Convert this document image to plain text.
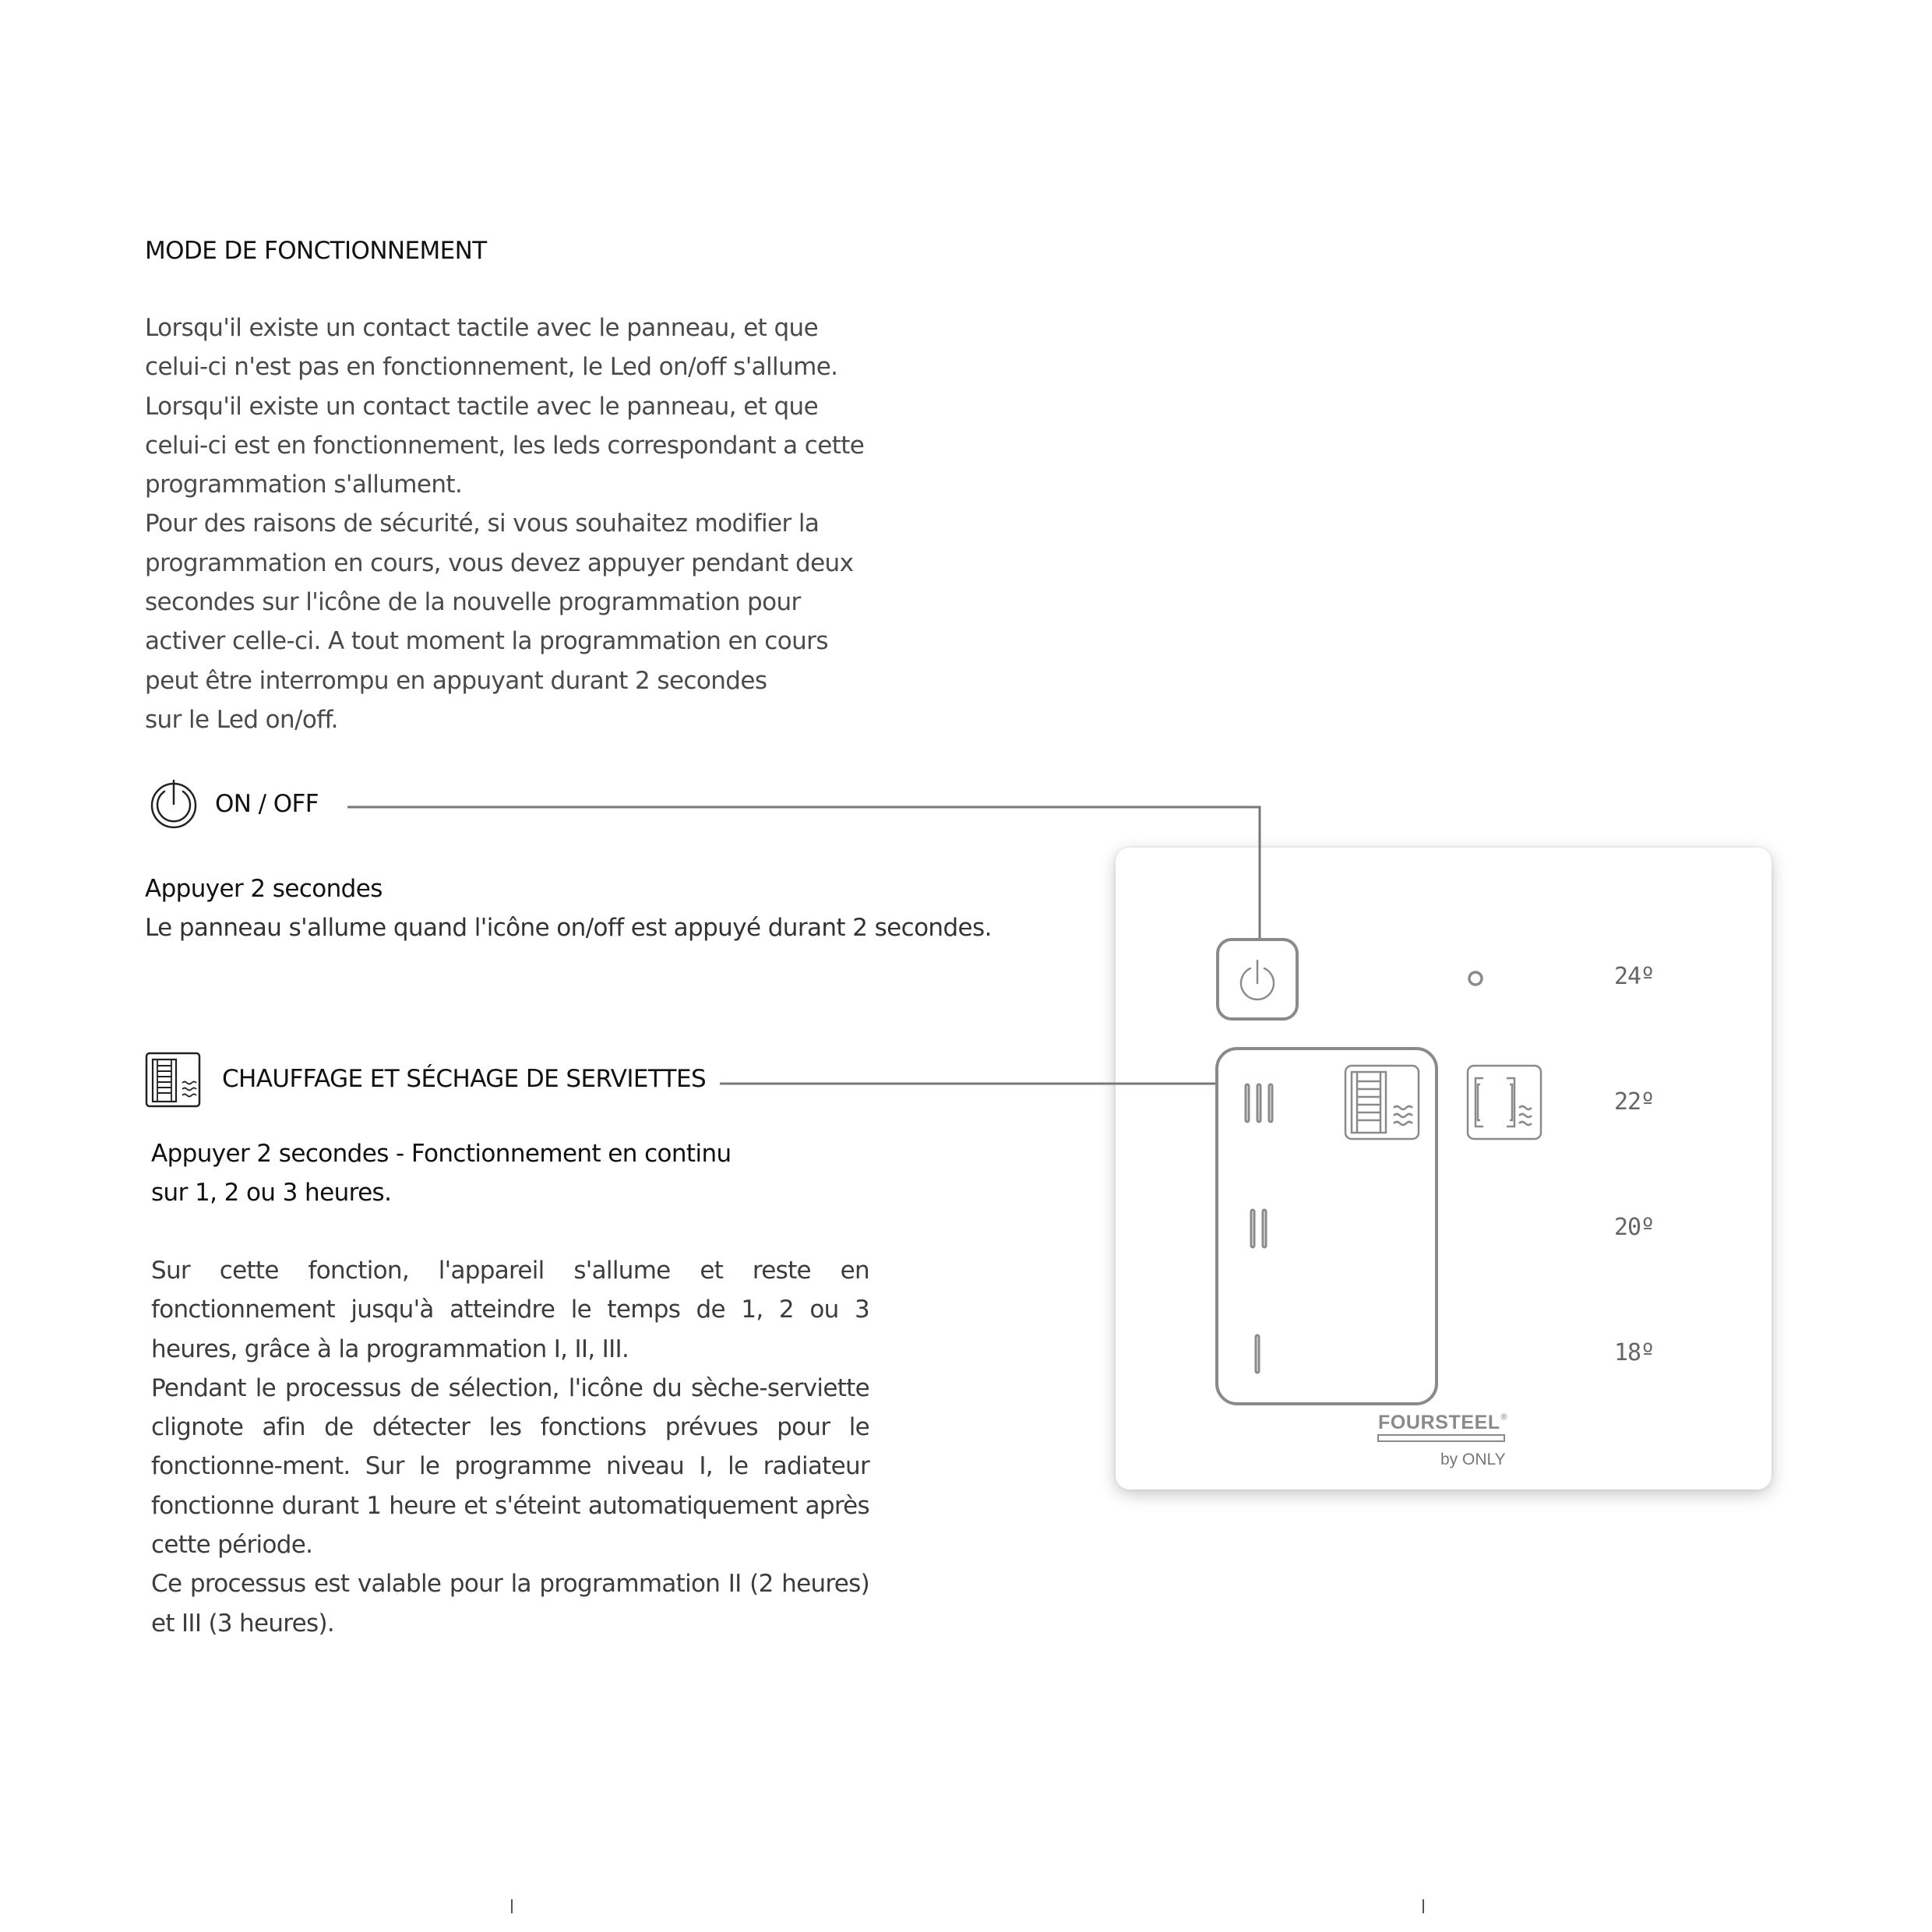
MODE DE FONCTIONNEMENT
Lorsqu'il existe un contact tactile avec le panneau, et que
celui-ci n'est pas en fonctionnement, le Led on/off s'allume.
Lorsqu'il existe un contact tactile avec le panneau, et que
celui-ci est en fonctionnement, les leds correspondant a cette
programmation s'allument.
Pour des raisons de sécurité, si vous souhaitez modifier la
programmation en cours, vous devez appuyer pendant deux
secondes sur l'icône de la nouvelle programmation pour
activer celle-ci. A tout moment la programmation en cours
peut être interrompu en appuyant durant 2 secondes
sur le Led on/off.
ON / OFF
Appuyer 2 secondes
Le panneau s'allume quand l'icône on/off est appuyé durant 2 secondes.
CHAUFFAGE ET SÉCHAGE DE SERVIETTES
Appuyer 2 secondes - Fonctionnement en continu
sur 1, 2 ou 3 heures.

Sur cette fonction, l'appareil s'allume et reste en fonctionnement jusqu'à atteindre le temps de 1, 2 ou 3 heures, grâce à la programmation I, II, III.

Pendant le processus de sélection, l'icône du sèche-serviette clignote afin de détecter les fonctions prévues pour le fonctionne-ment. Sur le programme niveau I, le radiateur fonctionne durant 1 heure et s'éteint automatiquement après cette période.

Ce processus est valable pour la programmation II (2 heures) et III (3 heures).

24º
22º
20º
18º
FOURSTEEL ®
by ONLY
